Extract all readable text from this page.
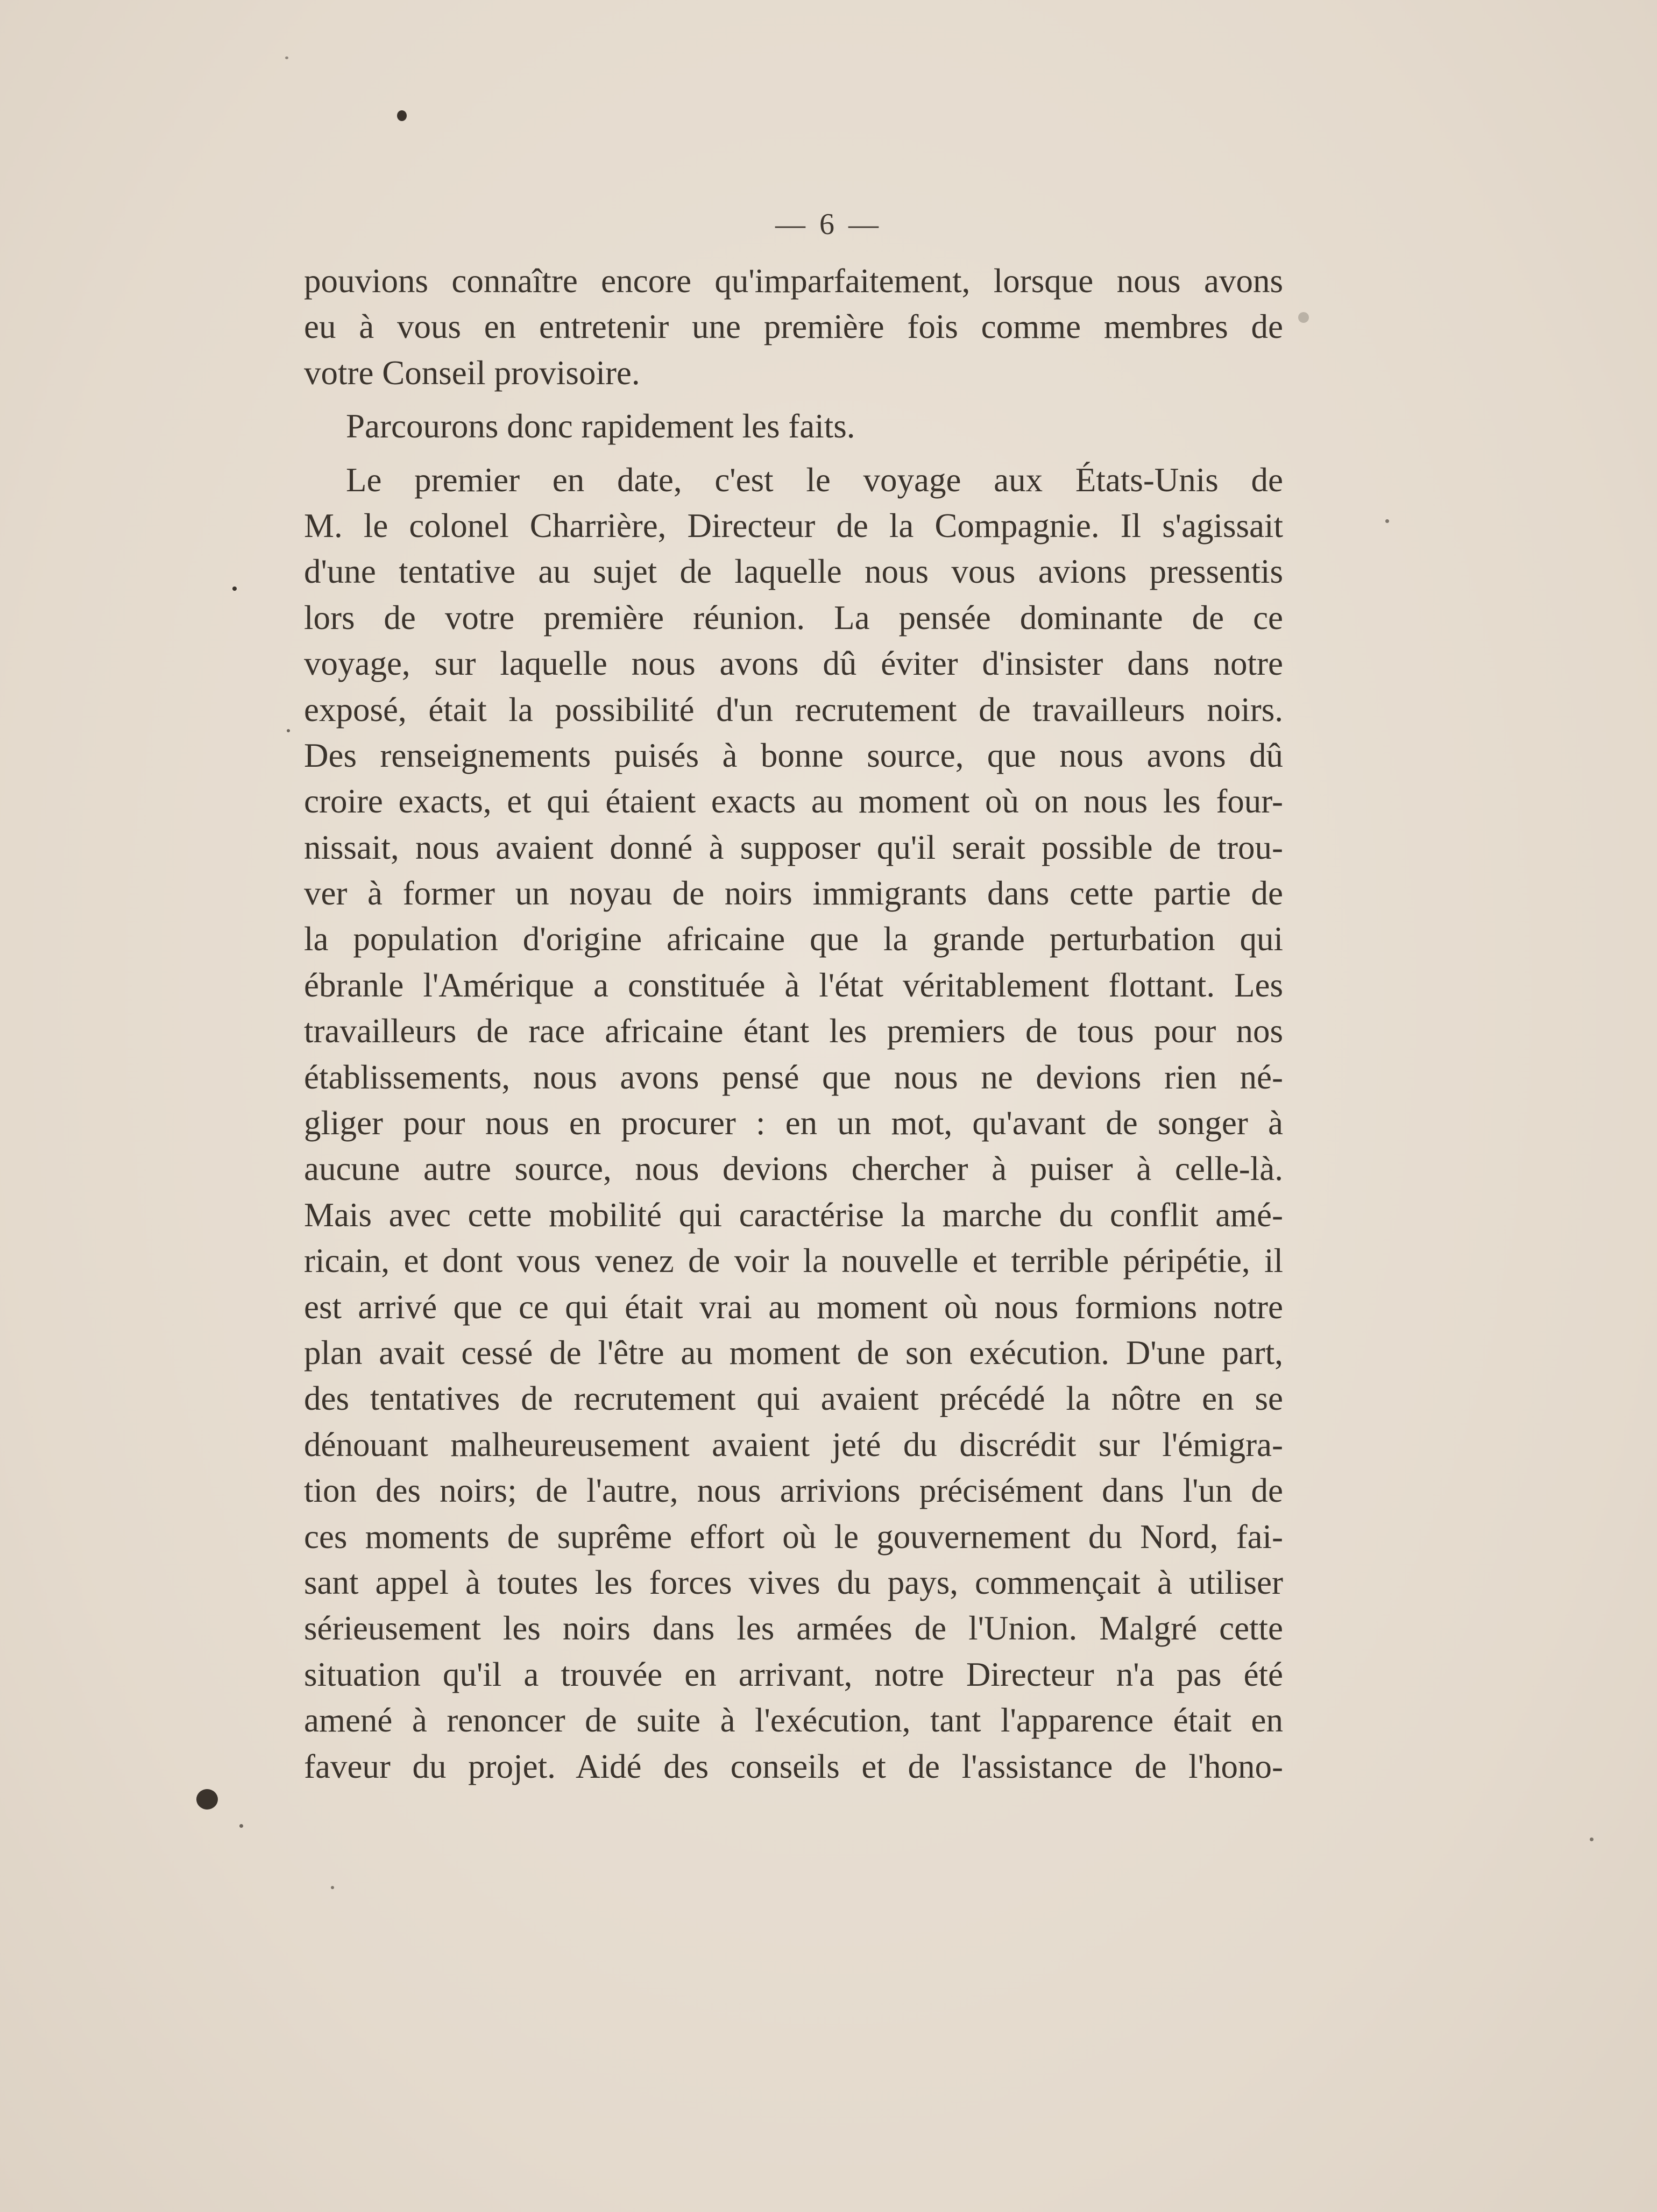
— 6 —
pouvions connaître encore qu'imparfaitement, lorsque nous avons
eu à vous en entretenir une première fois comme membres de
votre Conseil provisoire.
Parcourons donc rapidement les faits.
Le premier en date, c'est le voyage aux États-Unis de
M. le colonel Charrière, Directeur de la Compagnie. Il s'agissait
d'une tentative au sujet de laquelle nous vous avions pressentis
lors de votre première réunion. La pensée dominante de ce
voyage, sur laquelle nous avons dû éviter d'insister dans notre
exposé, était la possibilité d'un recrutement de travailleurs noirs.
Des renseignements puisés à bonne source, que nous avons dû
croire exacts, et qui étaient exacts au moment où on nous les four-
nissait, nous avaient donné à supposer qu'il serait possible de trou-
ver à former un noyau de noirs immigrants dans cette partie de
la population d'origine africaine que la grande perturbation qui
ébranle l'Amérique a constituée à l'état véritablement flottant. Les
travailleurs de race africaine étant les premiers de tous pour nos
établissements, nous avons pensé que nous ne devions rien né-
gliger pour nous en procurer : en un mot, qu'avant de songer à
aucune autre source, nous devions chercher à puiser à celle-là.
Mais avec cette mobilité qui caractérise la marche du conflit amé-
ricain, et dont vous venez de voir la nouvelle et terrible péripétie, il
est arrivé que ce qui était vrai au moment où nous formions notre
plan avait cessé de l'être au moment de son exécution. D'une part,
des tentatives de recrutement qui avaient précédé la nôtre en se
dénouant malheureusement avaient jeté du discrédit sur l'émigra-
tion des noirs; de l'autre, nous arrivions précisément dans l'un de
ces moments de suprême effort où le gouvernement du Nord, fai-
sant appel à toutes les forces vives du pays, commençait à utiliser
sérieusement les noirs dans les armées de l'Union. Malgré cette
situation qu'il a trouvée en arrivant, notre Directeur n'a pas été
amené à renoncer de suite à l'exécution, tant l'apparence était en
faveur du projet. Aidé des conseils et de l'assistance de l'hono-
